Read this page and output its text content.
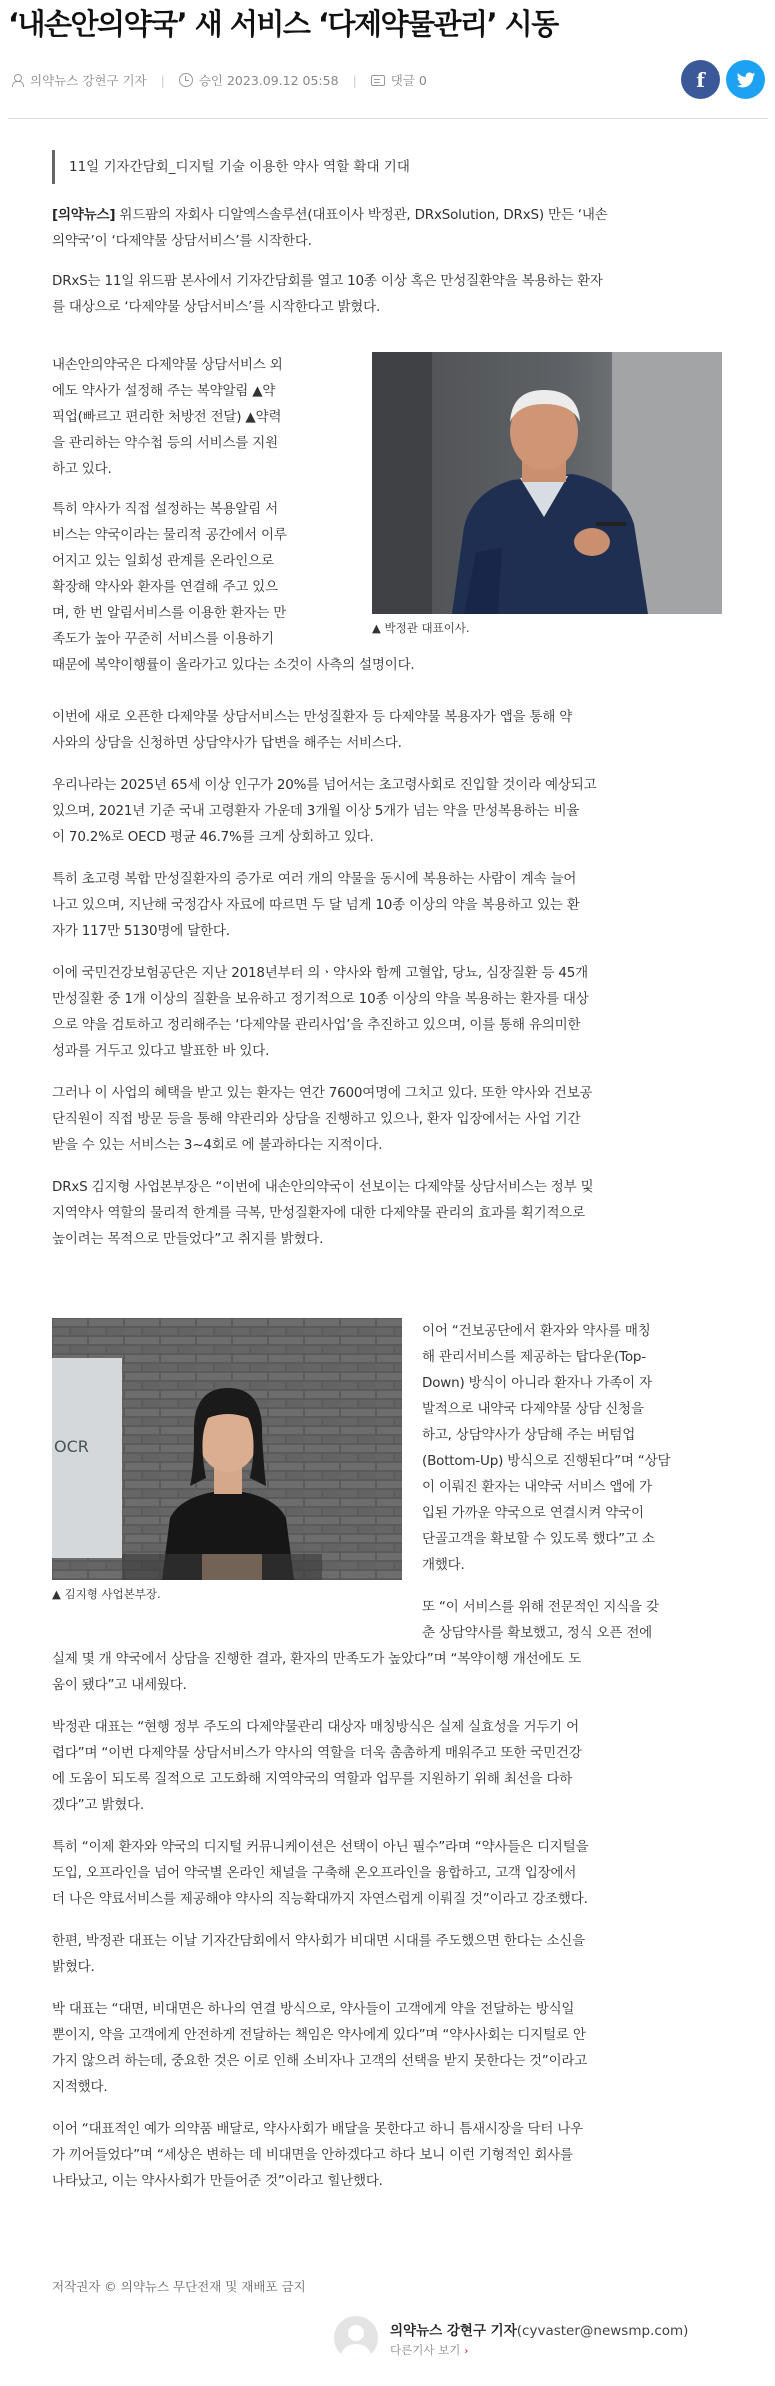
‘내손안의약국’ 새 서비스 ‘다제약물관리’ 시동
의약뉴스 강현구 기자 |	승인
2023.09.12 05:58 |	댓글 0	f
11일 기자간담회_디지털 기술 이용한 약사 역할 확대 기대
[의약뉴스] 위드팜의 자회사 디알엑스솔루션(대표이사 박정관, DRxSolution, DRxS) 만든 ‘내손
의약국’이 ‘다제약물 상담서비스’를 시작한다.
DRxS는 11일 위드팜 본사에서 기자간담회를 열고 10종 이상 혹은 만성질환약을 복용하는 환자
를 대상으로 ‘다제약물 상담서비스’를 시작한다고 밝혔다.
내손안의약국은 다제약물 상담서비스 외
에도 약사가 설정해 주는 복약알림 ▲약
픽업(빠르고 편리한 처방전 전달) ▲약력
을 관리하는 약수첩 등의 서비스를 지원
하고 있다.
▲ 박정관 대표이사.
특히 약사가 직접 설정하는 복용알림 서
비스는 약국이라는 물리적 공간에서 이루
어지고 있는 일회성 관계를 온라인으로
확장해 약사와 환자를 연결해 주고 있으
며, 한 번 알림서비스를 이용한 환자는 만
족도가 높아 꾸준히 서비스를 이용하기
때문에 복약이행률이 올라가고 있다는 소것이 사측의 설명이다.
이번에 새로 오픈한 다제약물 상담서비스는 만성질환자 등 다제약물 복용자가 앱을 통해 약
사와의 상담을 신청하면 상담약사가 답변을 해주는 서비스다.
우리나라는 2025년 65세 이상 인구가 20%를 넘어서는 초고령사회로 진입할 것이라 예상되고
있으며, 2021년 기준 국내 고령환자 가운데 3개월 이상 5개가 넘는 약을 만성복용하는 비율
이 70.2%로 OECD 평균 46.7%를 크게 상회하고 있다.
특히 초고령 복합 만성질환자의 증가로 여러 개의 약물을 동시에 복용하는 사람이 계속 늘어
나고 있으며, 지난해 국정감사 자료에 따르면 두 달 넘게 10종 이상의 약을 복용하고 있는 환
자가 117만 5130명에 달한다.
이에 국민건강보험공단은 지난 2018년부터 의ㆍ약사와 함께 고혈압, 당뇨, 심장질환 등 45개
만성질환 중 1개 이상의 질환을 보유하고 정기적으로 10종 이상의 약을 복용하는 환자를 대상
으로 약을 검토하고 정리해주는 ‘다제약물 관리사업’을 추진하고 있으며, 이를 통해 유의미한
성과를 거두고 있다고 발표한 바 있다.
그러나 이 사업의 혜택을 받고 있는 환자는 연간 7600여명에 그치고 있다. 또한 약사와 건보공
단직원이 직접 방문 등을 통해 약관리와 상담을 진행하고 있으나, 환자 입장에서는 사업 기간
받을 수 있는 서비스는 3~4회로 에 불과하다는 지적이다.
DRxS 김지형 사업본부장은 “이번에 내손안의약국이 선보이는 다제약물 상담서비스는 정부 및
지역약사 역할의 물리적 한계를 극복, 만성질환자에 대한 다제약물 관리의 효과를 획기적으로
높이려는 목적으로 만들었다”고 취지를 밝혔다.
OCR
▲ 김지형 사업본부장.
이어 “건보공단에서 환자와 약사를 매칭
해 관리서비스를 제공하는 탑다운(Top-
Down) 방식이 아니라 환자나 가족이 자
발적으로 내약국 다제약물 상담 신청을
하고, 상담약사가 상담해 주는 버텀업
(Bottom-Up) 방식으로 진행된다”며 “상담
이 이뤄진 환자는 내약국 서비스 앱에 가
입된 가까운 약국으로 연결시켜 약국이
단골고객을 확보할 수 있도록 했다”고 소
개했다.
또 “이 서비스를 위해 전문적인 지식을 갖
춘 상담약사를 확보했고, 정식 오픈 전에
실제 몇 개 약국에서 상담을 진행한 결과, 환자의 만족도가 높았다”며 “복약이행 개선에도 도
움이 됐다”고 내세웠다.
박정관 대표는 “현행 정부 주도의 다제약물관리 대상자 매칭방식은 실제 실효성을 거두기 어
렵다”며 “이번 다제약물 상담서비스가 약사의 역할을 더욱 촘촘하게 매워주고 또한 국민건강
에 도움이 되도록 질적으로 고도화해 지역약국의 역할과 업무를 지원하기 위해 최선을 다하
겠다”고 밝혔다.
특히 “이제 환자와 약국의 디지털 커뮤니케이션은 선택이 아닌 필수”라며 “약사들은 디지털을
도입, 오프라인을 넘어 약국별 온라인 채널을 구축해 온오프라인을 융합하고, 고객 입장에서
더 나은 약료서비스를 제공해야 약사의 직능확대까지 자연스럽게 이뤄질 것”이라고 강조했다.
한편, 박정관 대표는 이날 기자간담회에서 약사회가 비대면 시대를 주도했으면 한다는 소신을
밝혔다.
박 대표는 “대면, 비대면은 하나의 연결 방식으로, 약사들이 고객에게 약을 전달하는 방식일
뿐이지, 약을 고객에게 안전하게 전달하는 책임은 약사에게 있다”며 “약사사회는 디지털로 안
가지 않으려 하는데, 중요한 것은 이로 인해 소비자나 고객의 선택을 받지 못한다는 것”이라고
지적했다.
이어 “대표적인 예가 의약품 배달로, 약사사회가 배달을 못한다고 하니 틈새시장을 닥터 나우
가 끼어들었다”며 “세상은 변하는 데 비대면을 안하겠다고 하다 보니 이런 기형적인 회사를
나타났고, 이는 약사사회가 만들어준 것”이라고 힐난했다.
저작권자 © 의약뉴스 무단전재 및 재배포 금지
의약뉴스 강현구 기자(cyvaster@newsmp.com)
다른기사 보기 ›
